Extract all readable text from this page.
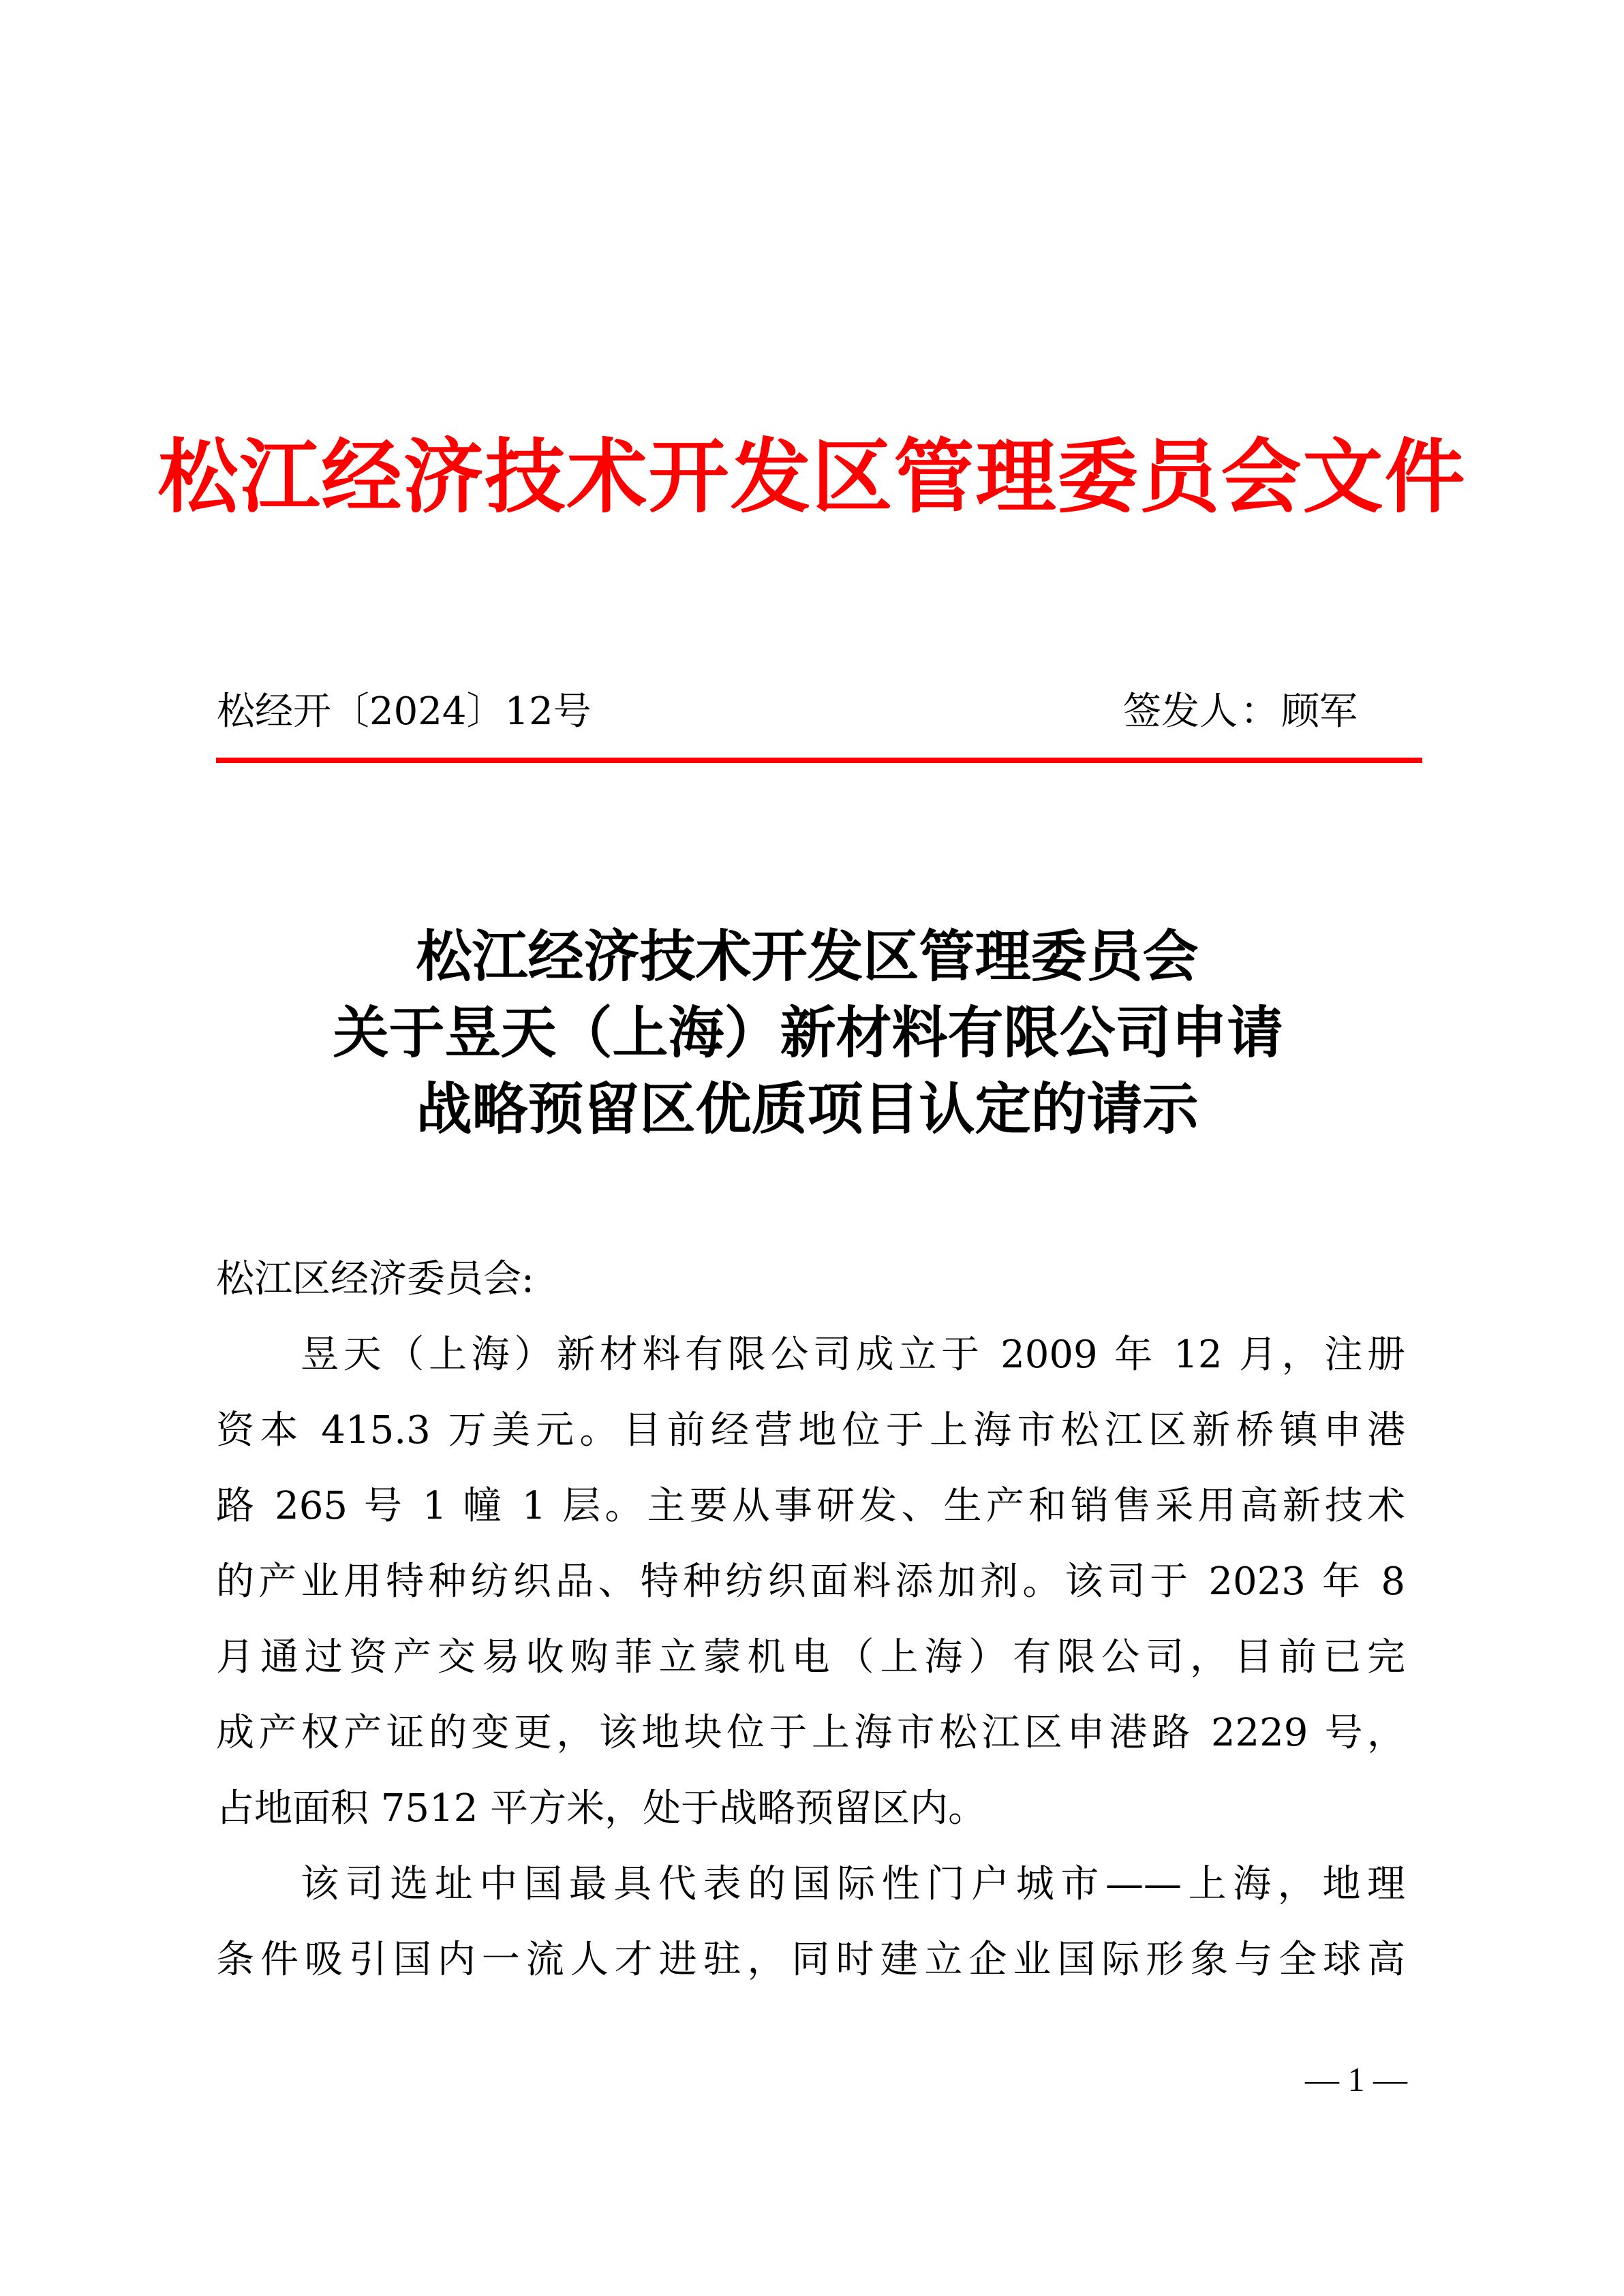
松江经济技术开发区管理委员会文件
松经开〔2024〕12号	签发人：顾军
松江经济技术开发区管理委员会
关于昱天（上海）新材料有限公司申请
战略预留区优质项目认定的请示
松江区经济委员会:
昱天（上海）新材料有限公司成立于 2009 年 12 月，注册
资本 415.3 万美元。目前经营地位于上海市松江区新桥镇申港
路 265 号 1 幢 1 层。主要从事研发、生产和销售采用高新技术
的产业用特种纺织品、特种纺织面料添加剂。该司于 2023 年 8
月通过资产交易收购菲立蒙机电（上海）有限公司，目前已完
成产权产证的变更，该地块位于上海市松江区申港路 2229 号，
占地面积 7512 平方米，处于战略预留区内。
该司选址中国最具代表的国际性门户城市——上海，地理
条件吸引国内一流人才进驻，同时建立企业国际形象与全球高
— 1 —
